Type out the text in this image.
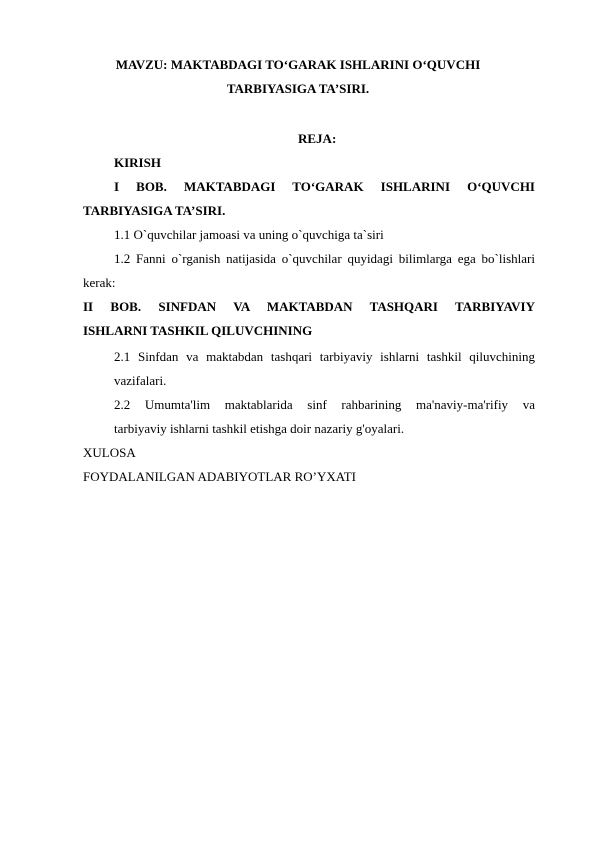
MAVZU: MAKTABDAGI TO‘GARAK ISHLARINI O‘QUVCHI
TARBIYASIGA TA’SIRI.
REJA:
KIRISH
I BOB. MAKTABDAGI TO‘GARAK ISHLARINI O‘QUVCHI
TARBIYASIGA TA’SIRI.
1.1 O`quvchilar jamoasi va uning o`quvchiga ta`siri
1.2 Fanni o`rganish natijasida o`quvchilar quyidagi bilimlarga ega bo`lishlari
kerak:
II BOB. SINFDAN VA MAKTABDAN TASHQARI TARBIYAVIY
ISHLARNI TASHKIL QILUVCHINING
2.1 Sinfdan va maktabdan tashqari tarbiyaviy ishlarni tashkil qiluvchining
vazifalari.
2.2 Umumta'lim maktablarida sinf rahbarining ma'naviy-ma'rifiy va
tarbiyaviy ishlarni tashkil etishga doir nazariy g'oyalari.
XULOSA
FOYDALANILGAN ADABIYOTLAR RO’YXATI
